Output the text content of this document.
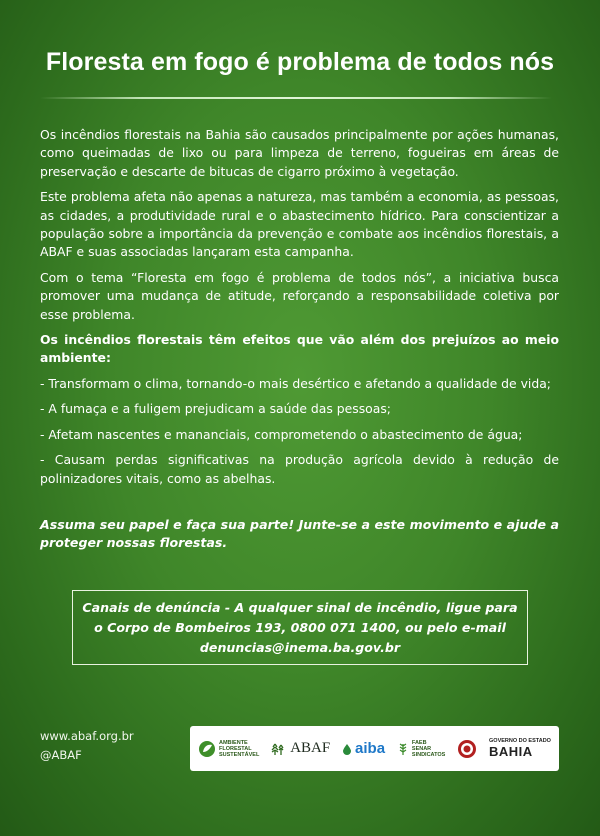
Floresta em fogo é problema de todos nós

Os incêndios florestais na Bahia são causados principalmente por ações humanas, como queimadas de lixo ou para limpeza de terreno, fogueiras em áreas de preservação e descarte de bitucas de cigarro próximo à vegetação.

Este problema afeta não apenas a natureza, mas também a economia, as pessoas, as cidades, a produtividade rural e o abastecimento hídrico. Para conscientizar a população sobre a importância da prevenção e combate aos incêndios florestais, a ABAF e suas associadas lançaram esta campanha.

Com o tema “Floresta em fogo é problema de todos nós”, a iniciativa busca promover uma mudança de atitude, reforçando a responsabilidade coletiva por esse problema.

Os incêndios florestais têm efeitos que vão além dos prejuízos ao meio ambiente:

- Transformam o clima, tornando-o mais desértico e afetando a qualidade de vida;

- A fumaça e a fuligem prejudicam a saúde das pessoas;

- Afetam nascentes e mananciais, comprometendo o abastecimento de água;

- Causam perdas significativas na produção agrícola devido à redução de polinizadores vitais, como as abelhas.

Assuma seu papel e faça sua parte! Junte-se a este movimento e ajude a proteger nossas florestas.

Canais de denúncia - A qualquer sinal de incêndio, ligue para o Corpo de Bombeiros 193, 0800 071 1400, ou pelo e-mail denuncias@inema.ba.gov.br
www.abaf.org.br
@ABAF
AMBIENTE
FLORESTAL
SUSTENTÁVEL ABAF aiba	FAEB
SENAR
SINDICATOS
GOVERNO DO ESTADO
BAHIA
